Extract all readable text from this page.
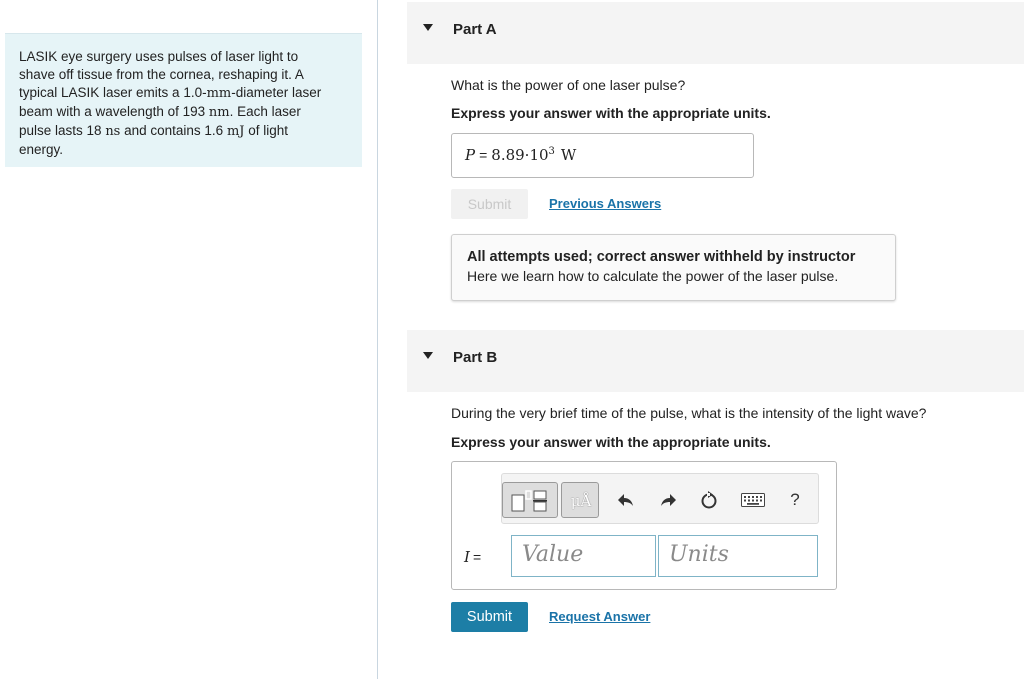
LASIK eye surgery uses pulses of laser light to
shave off tissue from the cornea, reshaping it. A
typical LASIK laser emits a 1.0-mm-diameter laser
beam with a wavelength of 193 nm. Each laser
pulse lasts 18 ns and contains 1.6 mJ of light
energy.
Part A
What is the power of one laser pulse?
Express your answer with the appropriate units.
$P = 8.89\cdot 10^3$ W
Submit	Previous Answers
All attempts used; correct answer withheld by instructor
Here we learn how to calculate the power of the laser pulse.
Part B
During the very brief time of the pulse, what is the intensity of the light wave?
Express your answer with the appropriate units.
μÅ	?
I =	Value	Units
Submit	Request Answer
